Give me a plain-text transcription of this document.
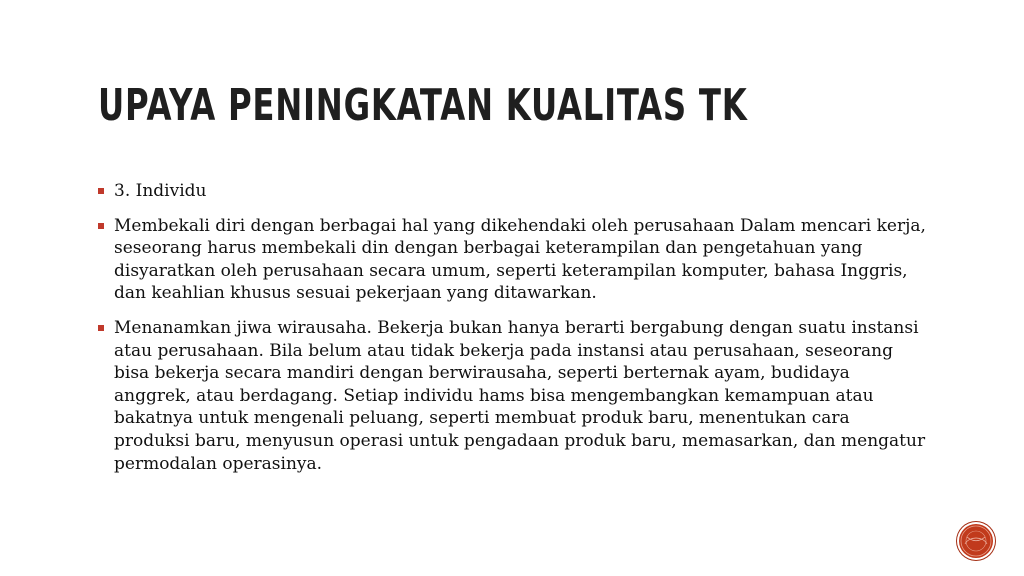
UPAYA PENINGKATAN KUALITAS TK
3. Individu
Membekali diri dengan berbagai hal yang dikehendaki oleh perusahaan Dalam mencari kerja, seseorang harus membekali din dengan berbagai keterampilan dan pengetahuan yang disyaratkan oleh perusahaan secara umum, seperti keterampilan komputer, bahasa Inggris, dan keahlian khusus sesuai pekerjaan yang ditawarkan.
Menanamkan jiwa wirausaha. Bekerja bukan hanya berarti bergabung dengan suatu instansi atau perusahaan. Bila belum atau tidak bekerja pada instansi atau perusahaan, seseorang bisa bekerja secara mandiri dengan berwirausaha, seperti berternak ayam, budidaya anggrek, atau berdagang. Setiap individu hams bisa mengembangkan kemampuan atau bakatnya untuk mengenali peluang, seperti membuat produk baru, menentukan cara produksi baru, menyusun operasi untuk pengadaan produk baru, memasarkan, dan mengatur permodalan operasinya.
